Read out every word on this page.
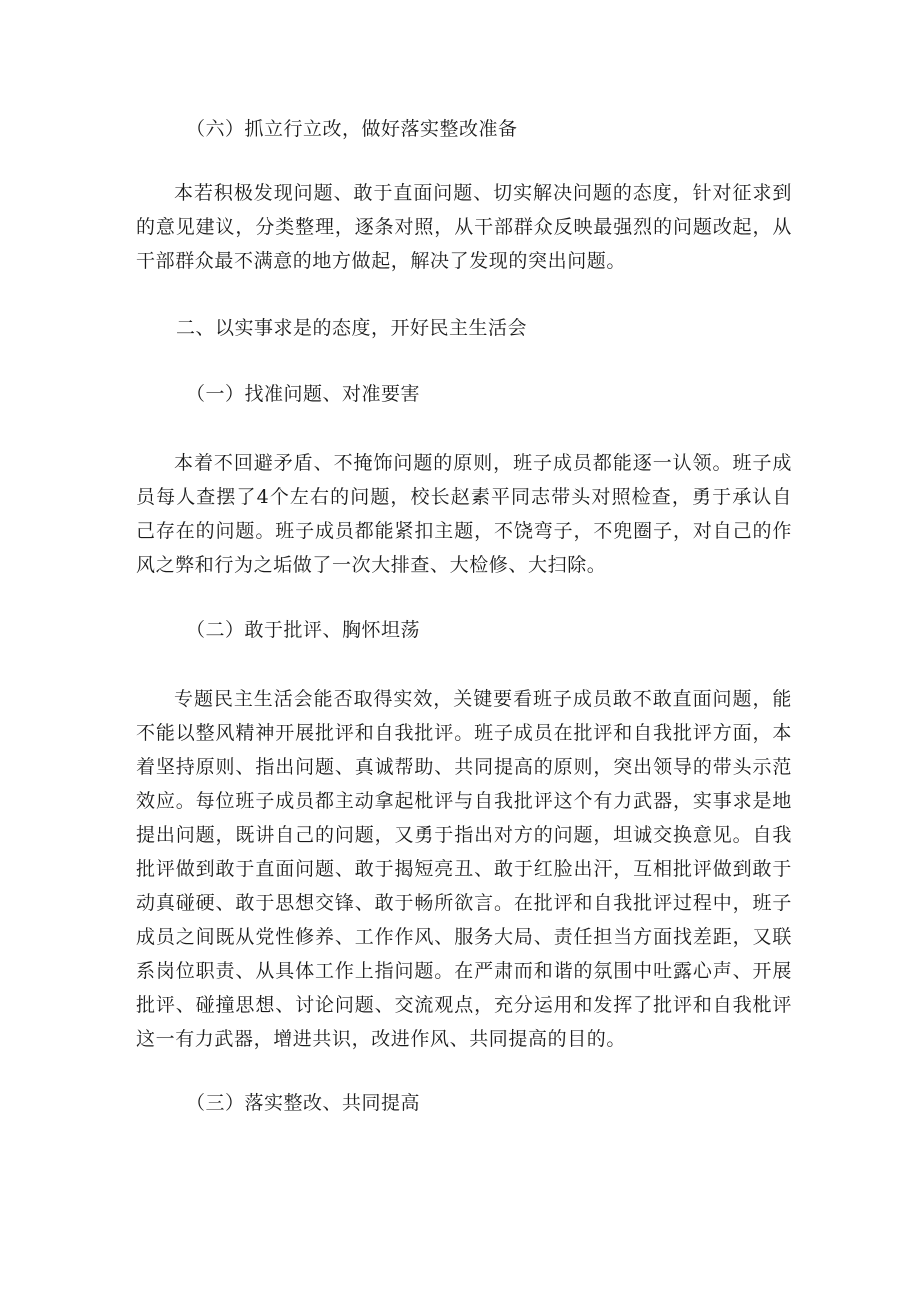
（六）抓立行立改，做好落实整改准备

本若积极发现问题、敢于直面问题、切实解决问题的态度，针对征求到的意见建议，分类整理，逐条对照，从干部群众反映最强烈的问题改起，从干部群众最不满意的地方做起，解决了发现的突出问题。

二、以实事求是的态度，开好民主生活会
（一）找准问题、对准要害

本着不回避矛盾、不掩饰问题的原则，班子成员都能逐一认领。班子成员每人查摆了4个左右的问题，校长赵素平同志带头对照检查，勇于承认自己存在的问题。班子成员都能紧扣主题，不饶弯子，不兜圈子，对自己的作风之弊和行为之垢做了一次大排查、大检修、大扫除。

（二）敢于批评、胸怀坦荡

专题民主生活会能否取得实效，关键要看班子成员敢不敢直面问题，能不能以整风精神开展批评和自我批评。班子成员在批评和自我批评方面，本着坚持原则、指出问题、真诚帮助、共同提高的原则，突出领导的带头示范效应。每位班子成员都主动拿起枇评与自我批评这个有力武器，实事求是地提出问题，既讲自己的问题，又勇于指出对方的问题，坦诚交换意见。自我批评做到敢于直面问题、敢于揭短亮丑、敢于红脸出汗，互相批评做到敢于动真碰硬、敢于思想交锋、敢于畅所欲言。在批评和自我批评过程中，班子成员之间既从党性修养、工作作风、服务大局、责任担当方面找差距，又联系岗位职责、从具体工作上指问题。在严肃而和谐的氛围中吐露心声、开展批评、碰撞思想、讨论问题、交流观点，充分运用和发挥了批评和自我枇评这一有力武器，增进共识，改进作风、共同提高的目的。

（三）落实整改、共同提高
